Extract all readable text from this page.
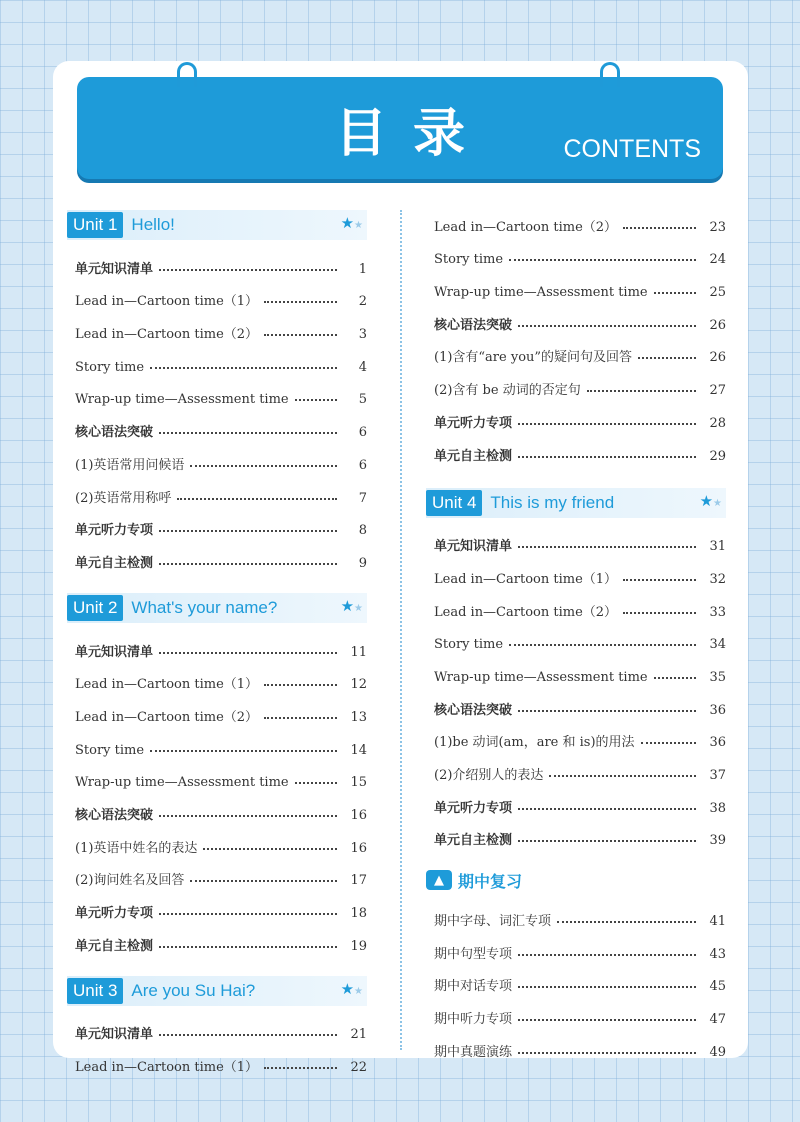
目录	CONTENTS
Unit 1 Hello!	★★
单元知识清单	1
Lead in—Cartoon time（1）	2
Lead in—Cartoon time（2）	3
Story time	4
Wrap-up time—Assessment time	5
核心语法突破	6
(1)英语常用问候语	6
(2)英语常用称呼	7
单元听力专项	8
单元自主检测	9
Unit 2 What's your name?	★★
单元知识清单	11
Lead in—Cartoon time（1）	12
Lead in—Cartoon time（2）	13
Story time	14
Wrap-up time—Assessment time	15
核心语法突破	16
(1)英语中姓名的表达	16
(2)询问姓名及回答	17
单元听力专项	18
单元自主检测	19
Unit 3 Are you Su Hai?	★★
单元知识清单	21
Lead in—Cartoon time（1）	22
Lead in—Cartoon time（2）	23
Story time	24
Wrap-up time—Assessment time	25
核心语法突破	26
(1)含有“are you”的疑问句及回答	26
(2)含有 be 动词的否定句	27
单元听力专项	28
单元自主检测	29
Unit 4 This is my friend	★★
单元知识清单	31
Lead in—Cartoon time（1）	32
Lead in—Cartoon time（2）	33
Story time	34
Wrap-up time—Assessment time	35
核心语法突破	36
(1)be 动词(am，are 和 is)的用法	36
(2)介绍别人的表达	37
单元听力专项	38
单元自主检测	39
▲ 期中复习
期中字母、词汇专项	41
期中句型专项	43
期中对话专项	45
期中听力专项	47
期中真题演练	49
